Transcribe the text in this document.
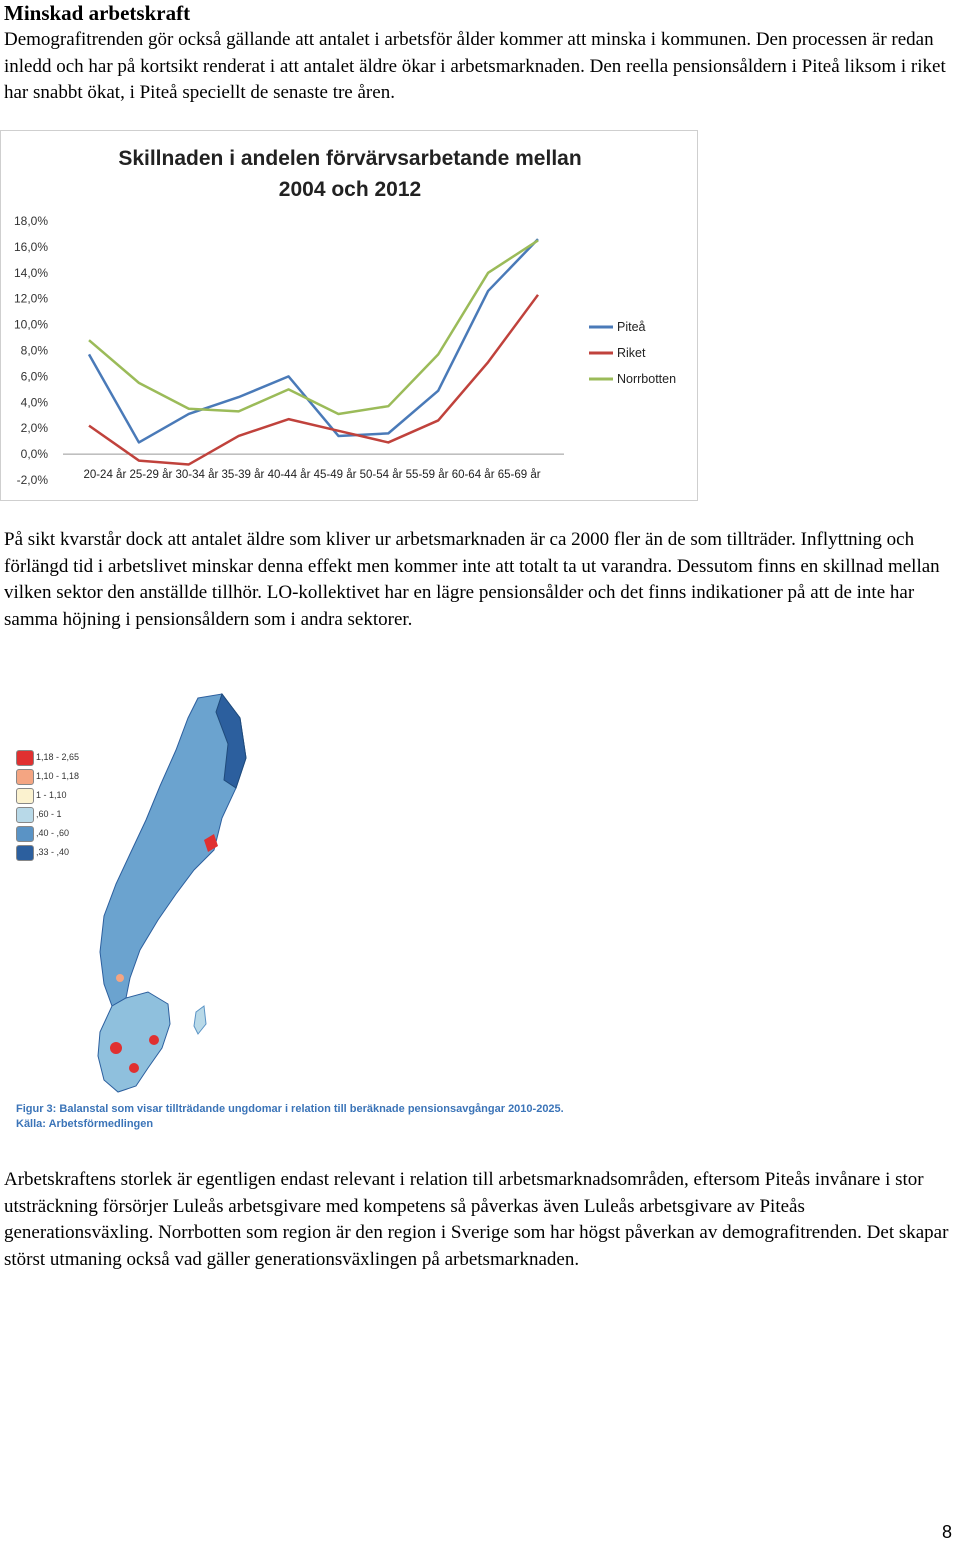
Minskad arbetskraft

Demografitrenden gör också gällande att antalet i arbetsför ålder kommer att minska i kommunen. Den processen är redan inledd och har på kortsikt renderat i att antalet äldre ökar i arbetsmarknaden. Den reella pensionsåldern i Piteå liksom i riket har snabbt ökat, i Piteå speciellt de senaste tre åren.

18,0%
16,0%
14,0%
12,0%
10,0%
8,0%
6,0%
4,0%
2,0%
0,0%
-2,0%	20-24 år 25-29 år 30-34 år 35-39 år 40-44 år 45-49 år 50-54 år 55-59 år 60-64 år 65-69 år
Piteå
Riket
Norrbotten
Skillnaden i andelen förvärvsarbetande mellan
2004 och 2012

På sikt kvarstår dock att antalet äldre som kliver ur arbetsmarknaden är ca 2000 fler än de som tillträder. Inflyttning och förlängd tid i arbetslivet minskar denna effekt men kommer inte att totalt ta ut varandra. Dessutom finns en skillnad mellan vilken sektor den anställde tillhör. LO-kollektivet har en lägre pensionsålder och det finns indikationer på att de inte har samma höjning i pensionsåldern som i andra sektorer.

1,18 - 2,65
1,10 - 1,18
1 - 1,10
,60 - 1
,40 - ,60
,33 - ,40
Figur 3: Balanstal som visar tillträdande ungdomar i relation till beräknade pensionsavgångar 2010-2025.
Källa: Arbetsförmedlingen

Arbetskraftens storlek är egentligen endast relevant i relation till arbetsmarknadsområden, eftersom Piteås invånare i stor utsträckning försörjer Luleås arbetsgivare med kompetens så påverkas även Luleås arbetsgivare av Piteås generationsväxling. Norrbotten som region är den region i Sverige som har högst påverkan av demografitrenden. Det skapar störst utmaning också vad gäller generationsväxlingen på arbetsmarknaden.

8
